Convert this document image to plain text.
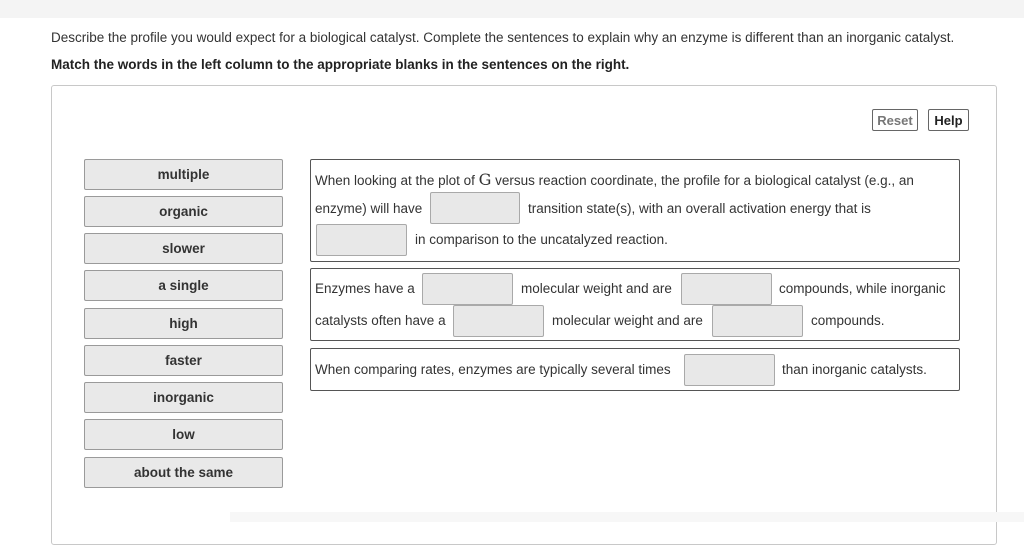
Describe the profile you would expect for a biological catalyst. Complete the sentences to explain why an enzyme is different than an inorganic catalyst.
Match the words in the left column to the appropriate blanks in the sentences on the right.
Reset	Help
multiple
organic
slower
a single
high
faster
inorganic
low
about the same
When looking at the plot of G versus reaction coordinate, the profile for a biological catalyst (e.g., an
enzyme) will have	transition state(s), with an overall activation energy that is
in comparison to the uncatalyzed reaction.
Enzymes have a	molecular weight and are	compounds, while inorganic
catalysts often have a	molecular weight and are	compounds.
When comparing rates, enzymes are typically several times	than inorganic catalysts.
